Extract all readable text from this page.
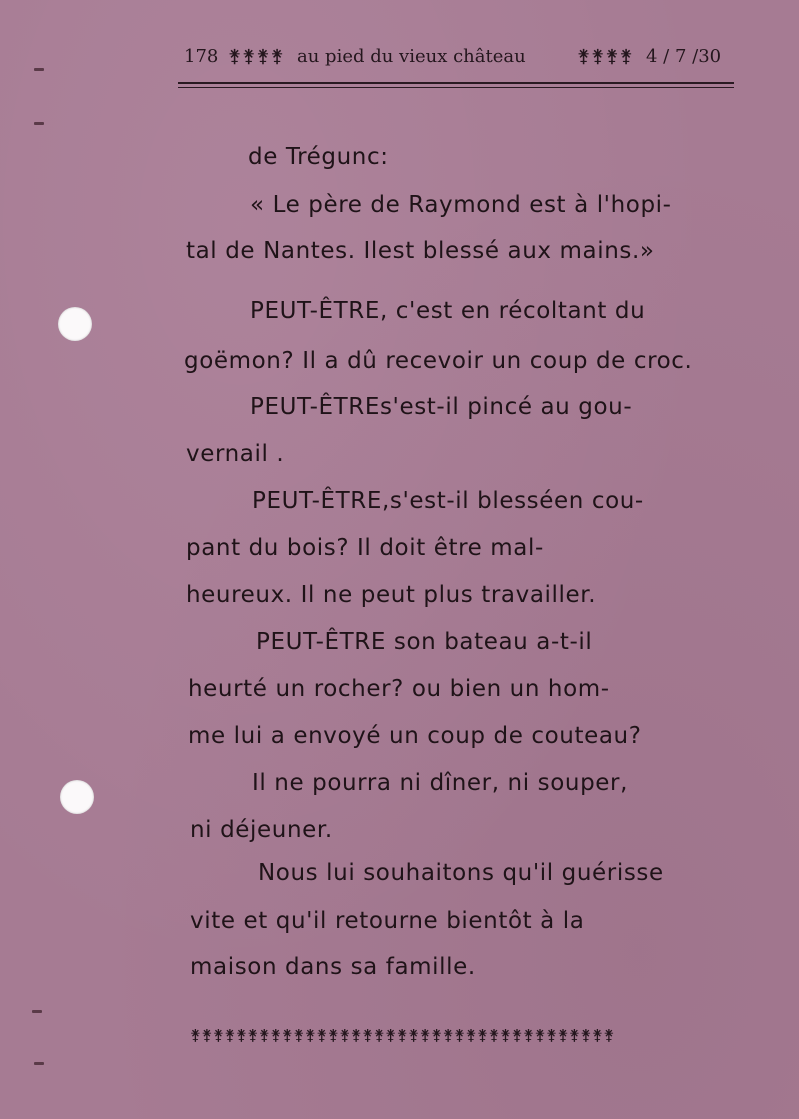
178 ⚵⚵⚵⚵ au pied du vieux château	⚵⚵⚵⚵ 4 / 7 /30
de Trégunc:
« Le père de Raymond est à l'hopi-
tal de Nantes. Ilest blessé aux mains.»
PEUT-ÊTRE, c'est en récoltant du
goëmon? Il a dû recevoir un coup de croc.
PEUT-ÊTREs'est-il pincé au gou-
vernail .
PEUT-ÊTRE,s'est-il blesséen cou-
pant du bois? Il doit être mal-
heureux. Il ne peut plus travailler.
PEUT-ÊTRE son bateau a-t-il
heurté un rocher? ou bien un hom-
me lui a envoyé un coup de couteau?
Il ne pourra ni dîner, ni souper,
ni déjeuner.
Nous lui souhaitons qu'il guérisse
vite et qu'il retourne bientôt à la
maison dans sa famille.
⚵⚵⚵⚵⚵⚵⚵⚵⚵⚵⚵⚵⚵⚵⚵⚵⚵⚵⚵⚵⚵⚵⚵⚵⚵⚵⚵⚵⚵⚵⚵⚵⚵⚵⚵⚵⚵
